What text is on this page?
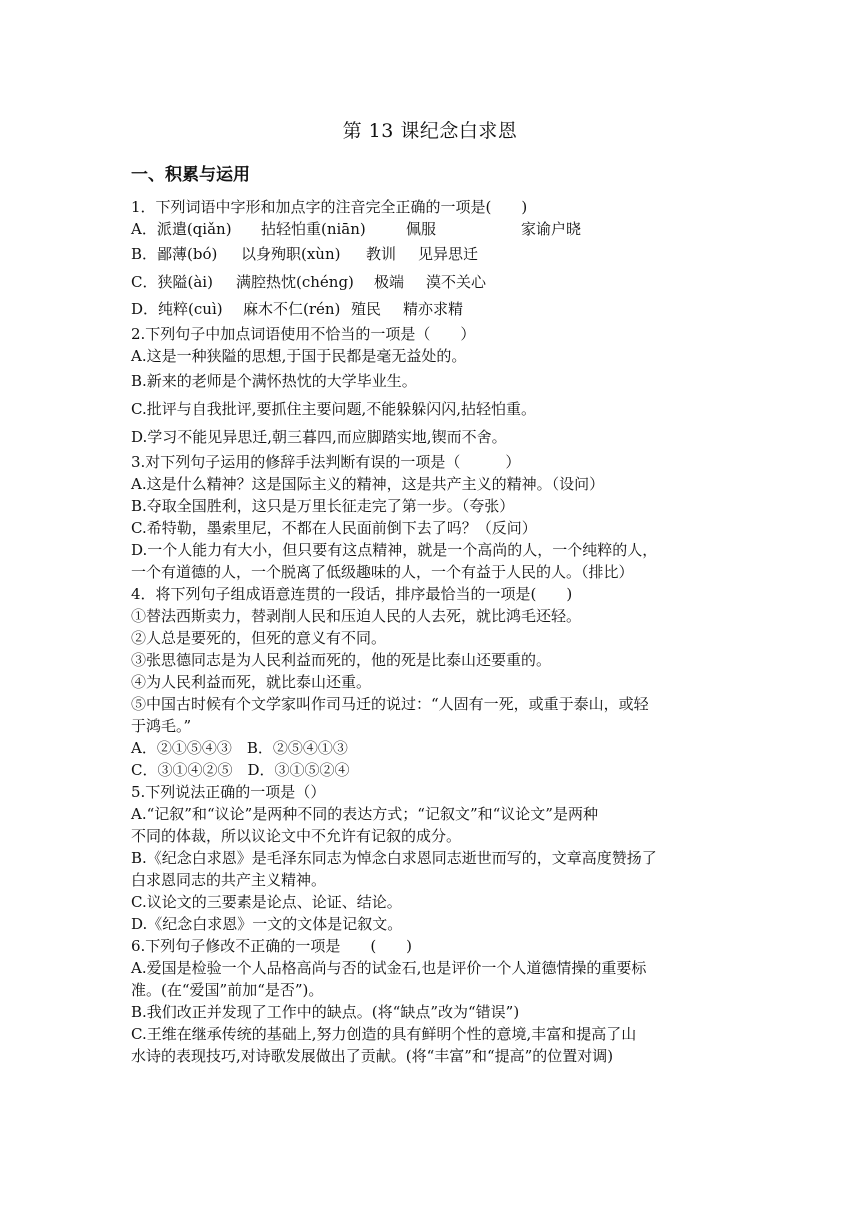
第 13 课纪念白求恩
一、积累与运用
1．下列词语中字形和加点字的注音完全正确的一项是(　　)
A．派遣(qiǎn) 拈轻怕重(niān)	佩服	家谕户晓
B．鄙薄(bó) 以身殉职(xùn) 教训 见异思迁
C．狭隘(ài) 满腔热忱(chéng) 极端 漠不关心
D．纯粹(cuì) 麻木不仁(rén) 殖民 精亦求精
2.下列句子中加点词语使用不恰当的一项是（　　）
A.这是一种狭隘的思想,于国于民都是毫无益处的。
B.新来的老师是个满怀热忱的大学毕业生。
C.批评与自我批评,要抓住主要问题,不能躲躲闪闪,拈轻怕重。
D.学习不能见异思迁,朝三暮四,而应脚踏实地,锲而不舍。
3.对下列句子运用的修辞手法判断有误的一项是（　　　）
A.这是什么精神？这是国际主义的精神，这是共产主义的精神。（设问）
B.夺取全国胜利，这只是万里长征走完了第一步。（夸张）
C.希特勒，墨索里尼，不都在人民面前倒下去了吗？（反问）
D.一个人能力有大小，但只要有这点精神，就是一个高尚的人，一个纯粹的人，
一个有道德的人，一个脱离了低级趣味的人，一个有益于人民的人。（排比）
4．将下列句子组成语意连贯的一段话，排序最恰当的一项是(　　)
①替法西斯卖力，替剥削人民和压迫人民的人去死，就比鸿毛还轻。
②人总是要死的，但死的意义有不同。
③张思德同志是为人民利益而死的，他的死是比泰山还要重的。
④为人民利益而死，就比泰山还重。
⑤中国古时候有个文学家叫作司马迁的说过：“人固有一死，或重于泰山，或轻
于鸿毛。”
A．②①⑤④③　B．②⑤④①③
C．③①④②⑤　D．③①⑤②④
5.下列说法正确的一项是（）
A.“记叙”和“议论”是两种不同的表达方式；“记叙文”和“议论文”是两种
不同的体裁，所以议论文中不允许有记叙的成分。
B.《纪念白求恩》是毛泽东同志为悼念白求恩同志逝世而写的，文章高度赞扬了
白求恩同志的共产主义精神。
C.议论文的三要素是论点、论证、结论。
D.《纪念白求恩》一文的文体是记叙文。
6.下列句子修改不正确的一项是　　(　　)
A.爱国是检验一个人品格高尚与否的试金石,也是评价一个人道德情操的重要标
准。(在“爱国”前加“是否”)。
B.我们改正并发现了工作中的缺点。(将“缺点”改为“错误”)
C.王维在继承传统的基础上,努力创造的具有鲜明个性的意境,丰富和提高了山
水诗的表现技巧,对诗歌发展做出了贡献。(将“丰富”和“提高”的位置对调)
